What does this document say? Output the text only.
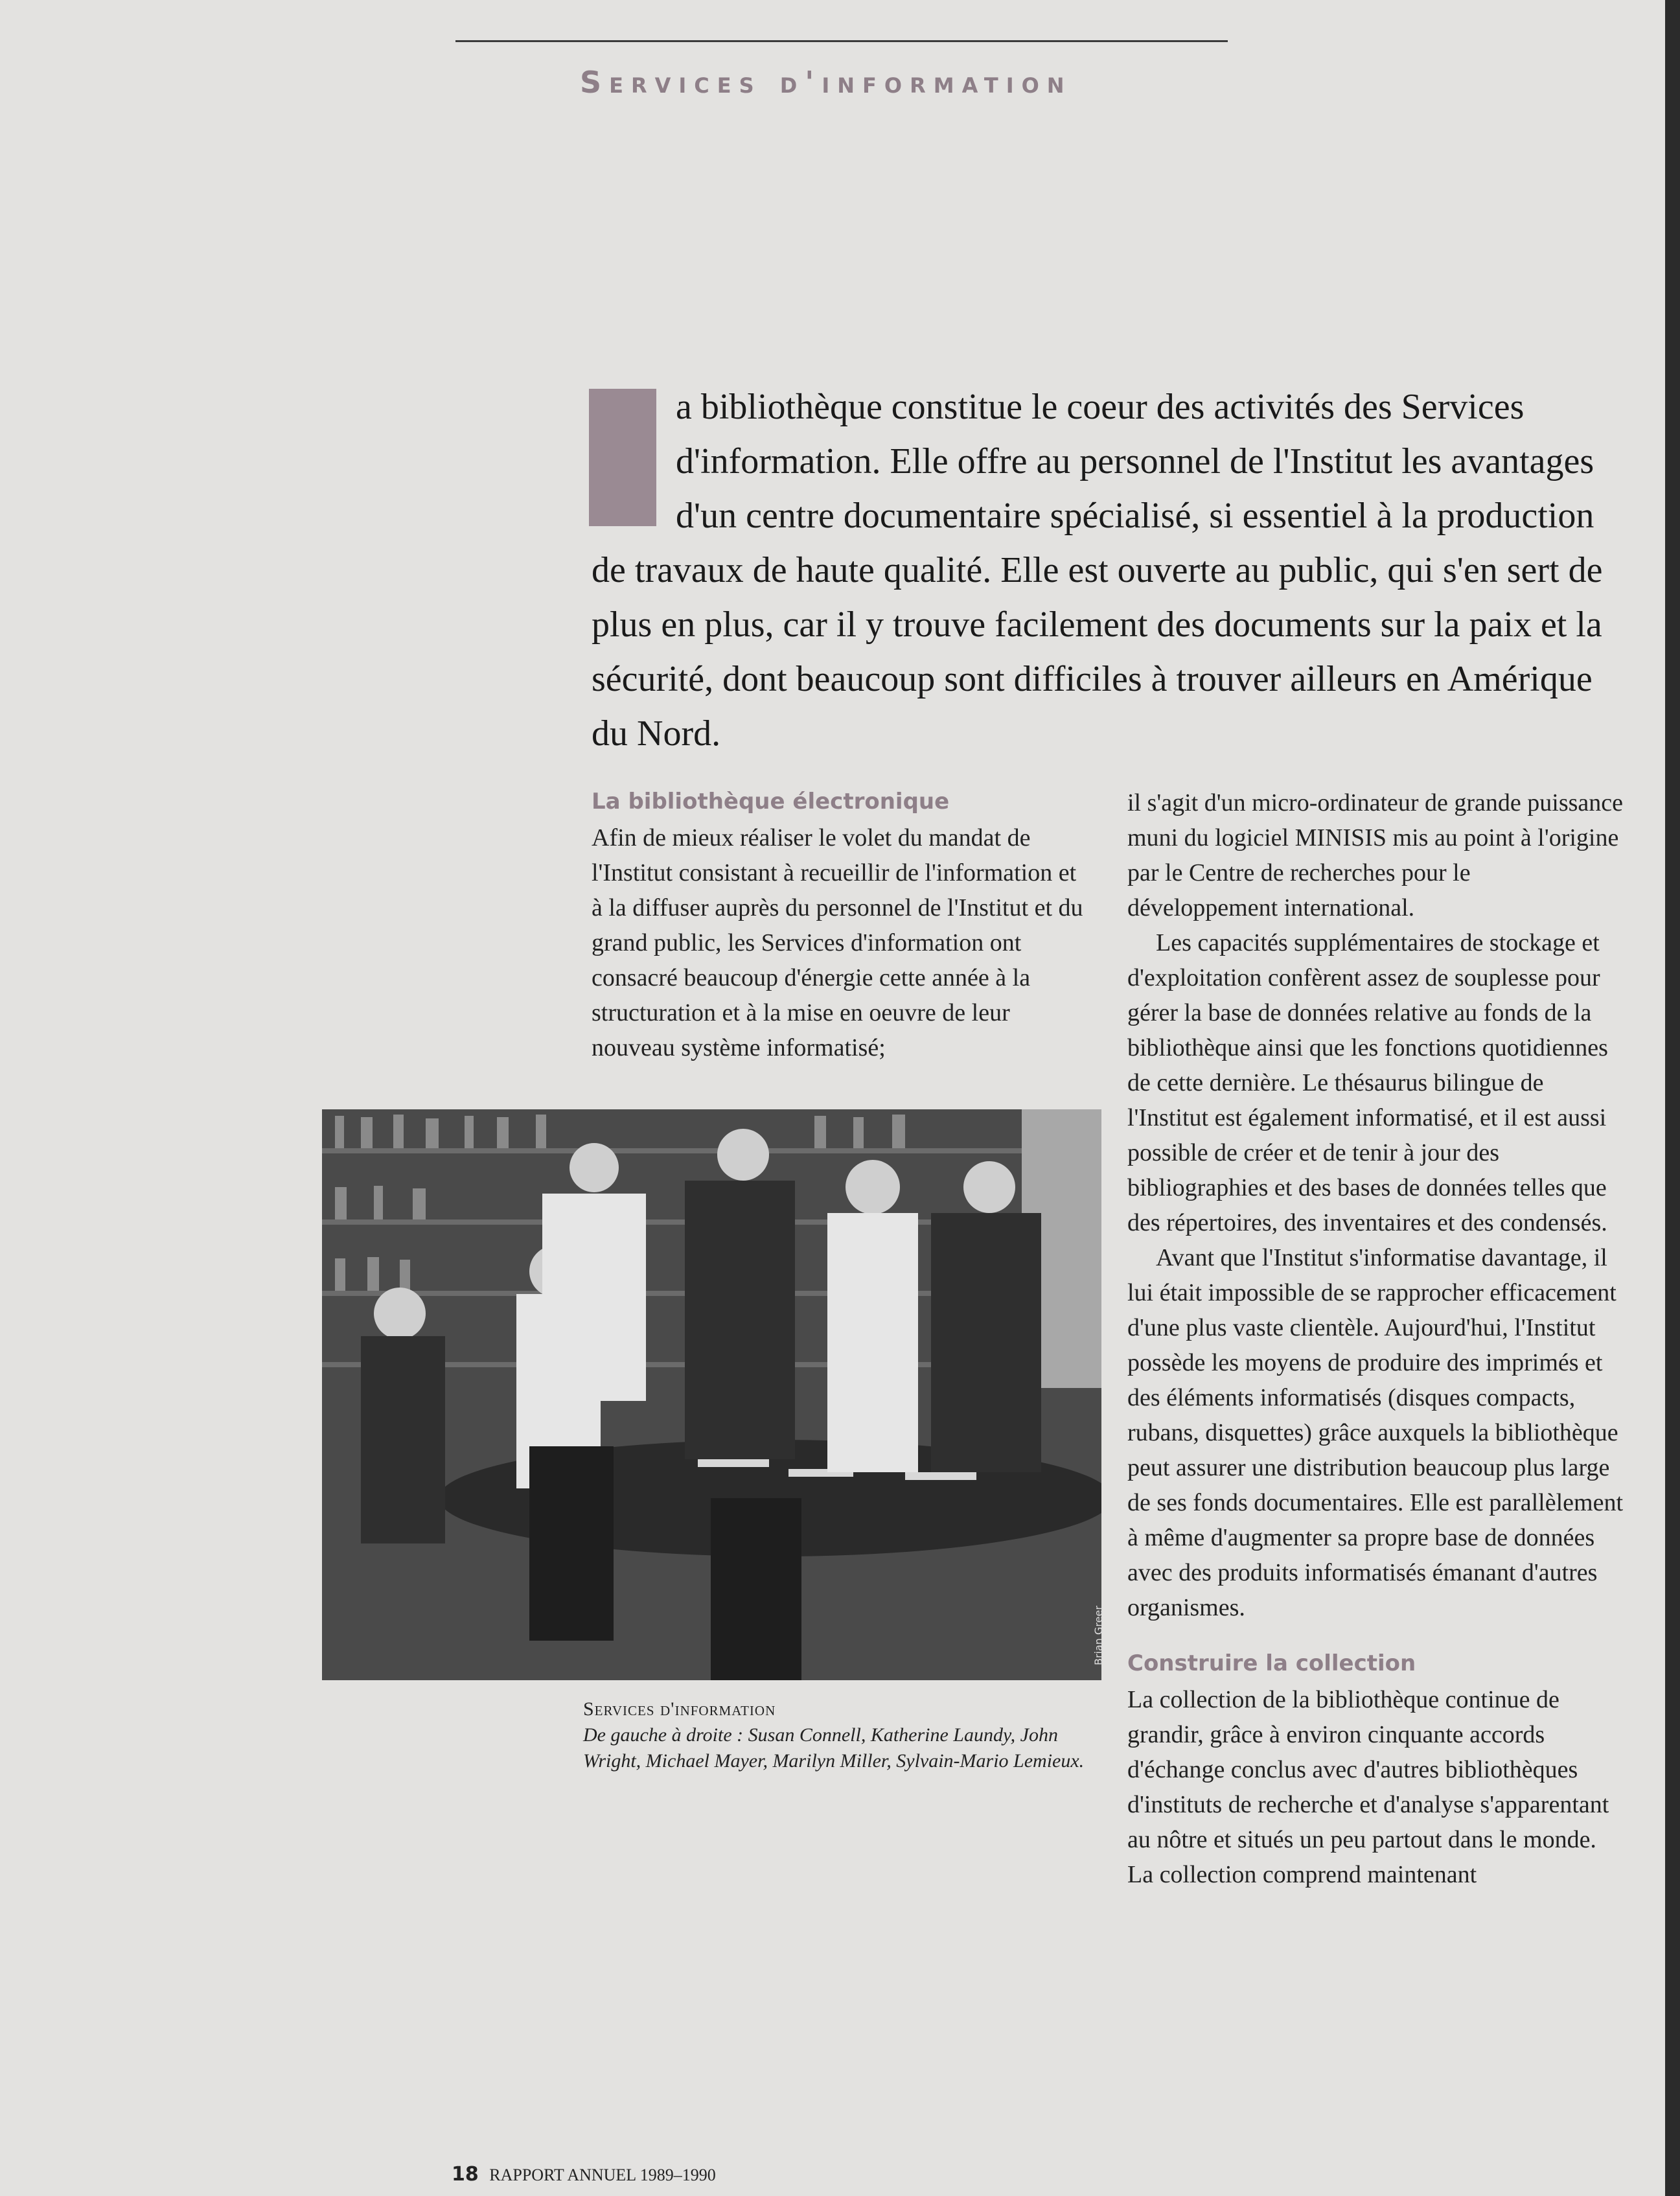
Services d'information
a bibliothèque constitue le coeur des activités des Services d'information. Elle offre au personnel de l'Institut les avantages d'un centre documentaire spécialisé, si essentiel à la production de travaux de haute qualité. Elle est ouverte au public, qui s'en sert de plus en plus, car il y trouve facilement des documents sur la paix et la sécurité, dont beaucoup sont difficiles à trouver ailleurs en Amérique du Nord.
La bibliothèque électronique

Afin de mieux réaliser le volet du mandat de l'Institut consistant à recueillir de l'information et à la diffuser auprès du personnel de l'Institut et du grand public, les Services d'information ont consacré beaucoup d'énergie cette année à la structuration et à la mise en oeuvre de leur nouveau système informatisé;

Brian Greer
Services d'information
De gauche à droite : Susan Connell, Katherine Laundy, John Wright, Michael Mayer, Marilyn Miller, Sylvain-Mario Lemieux.

il s'agit d'un micro-ordinateur de grande puissance muni du logiciel MINISIS mis au point à l'origine par le Centre de recherches pour le développement international.

Les capacités supplémentaires de stockage et d'exploitation confèrent assez de souplesse pour gérer la base de données relative au fonds de la bibliothèque ainsi que les fonctions quotidiennes de cette dernière. Le thésaurus bilingue de l'Institut est également informatisé, et il est aussi possible de créer et de tenir à jour des bibliographies et des bases de données telles que des répertoires, des inventaires et des condensés.

Avant que l'Institut s'informatise davantage, il lui était impossible de se rapprocher efficacement d'une plus vaste clientèle. Aujourd'hui, l'Institut possède les moyens de produire des imprimés et des éléments informatisés (disques compacts, rubans, disquettes) grâce auxquels la bibliothèque peut assurer une distribution beaucoup plus large de ses fonds documentaires. Elle est parallèlement à même d'augmenter sa propre base de données avec des produits informatisés émanant d'autres organismes.

Construire la collection

La collection de la bibliothèque continue de grandir, grâce à environ cinquante accords d'échange conclus avec d'autres bibliothèques d'instituts de recherche et d'analyse s'apparentant au nôtre et situés un peu partout dans le monde. La collection comprend maintenant

18 RAPPORT ANNUEL 1989–1990
